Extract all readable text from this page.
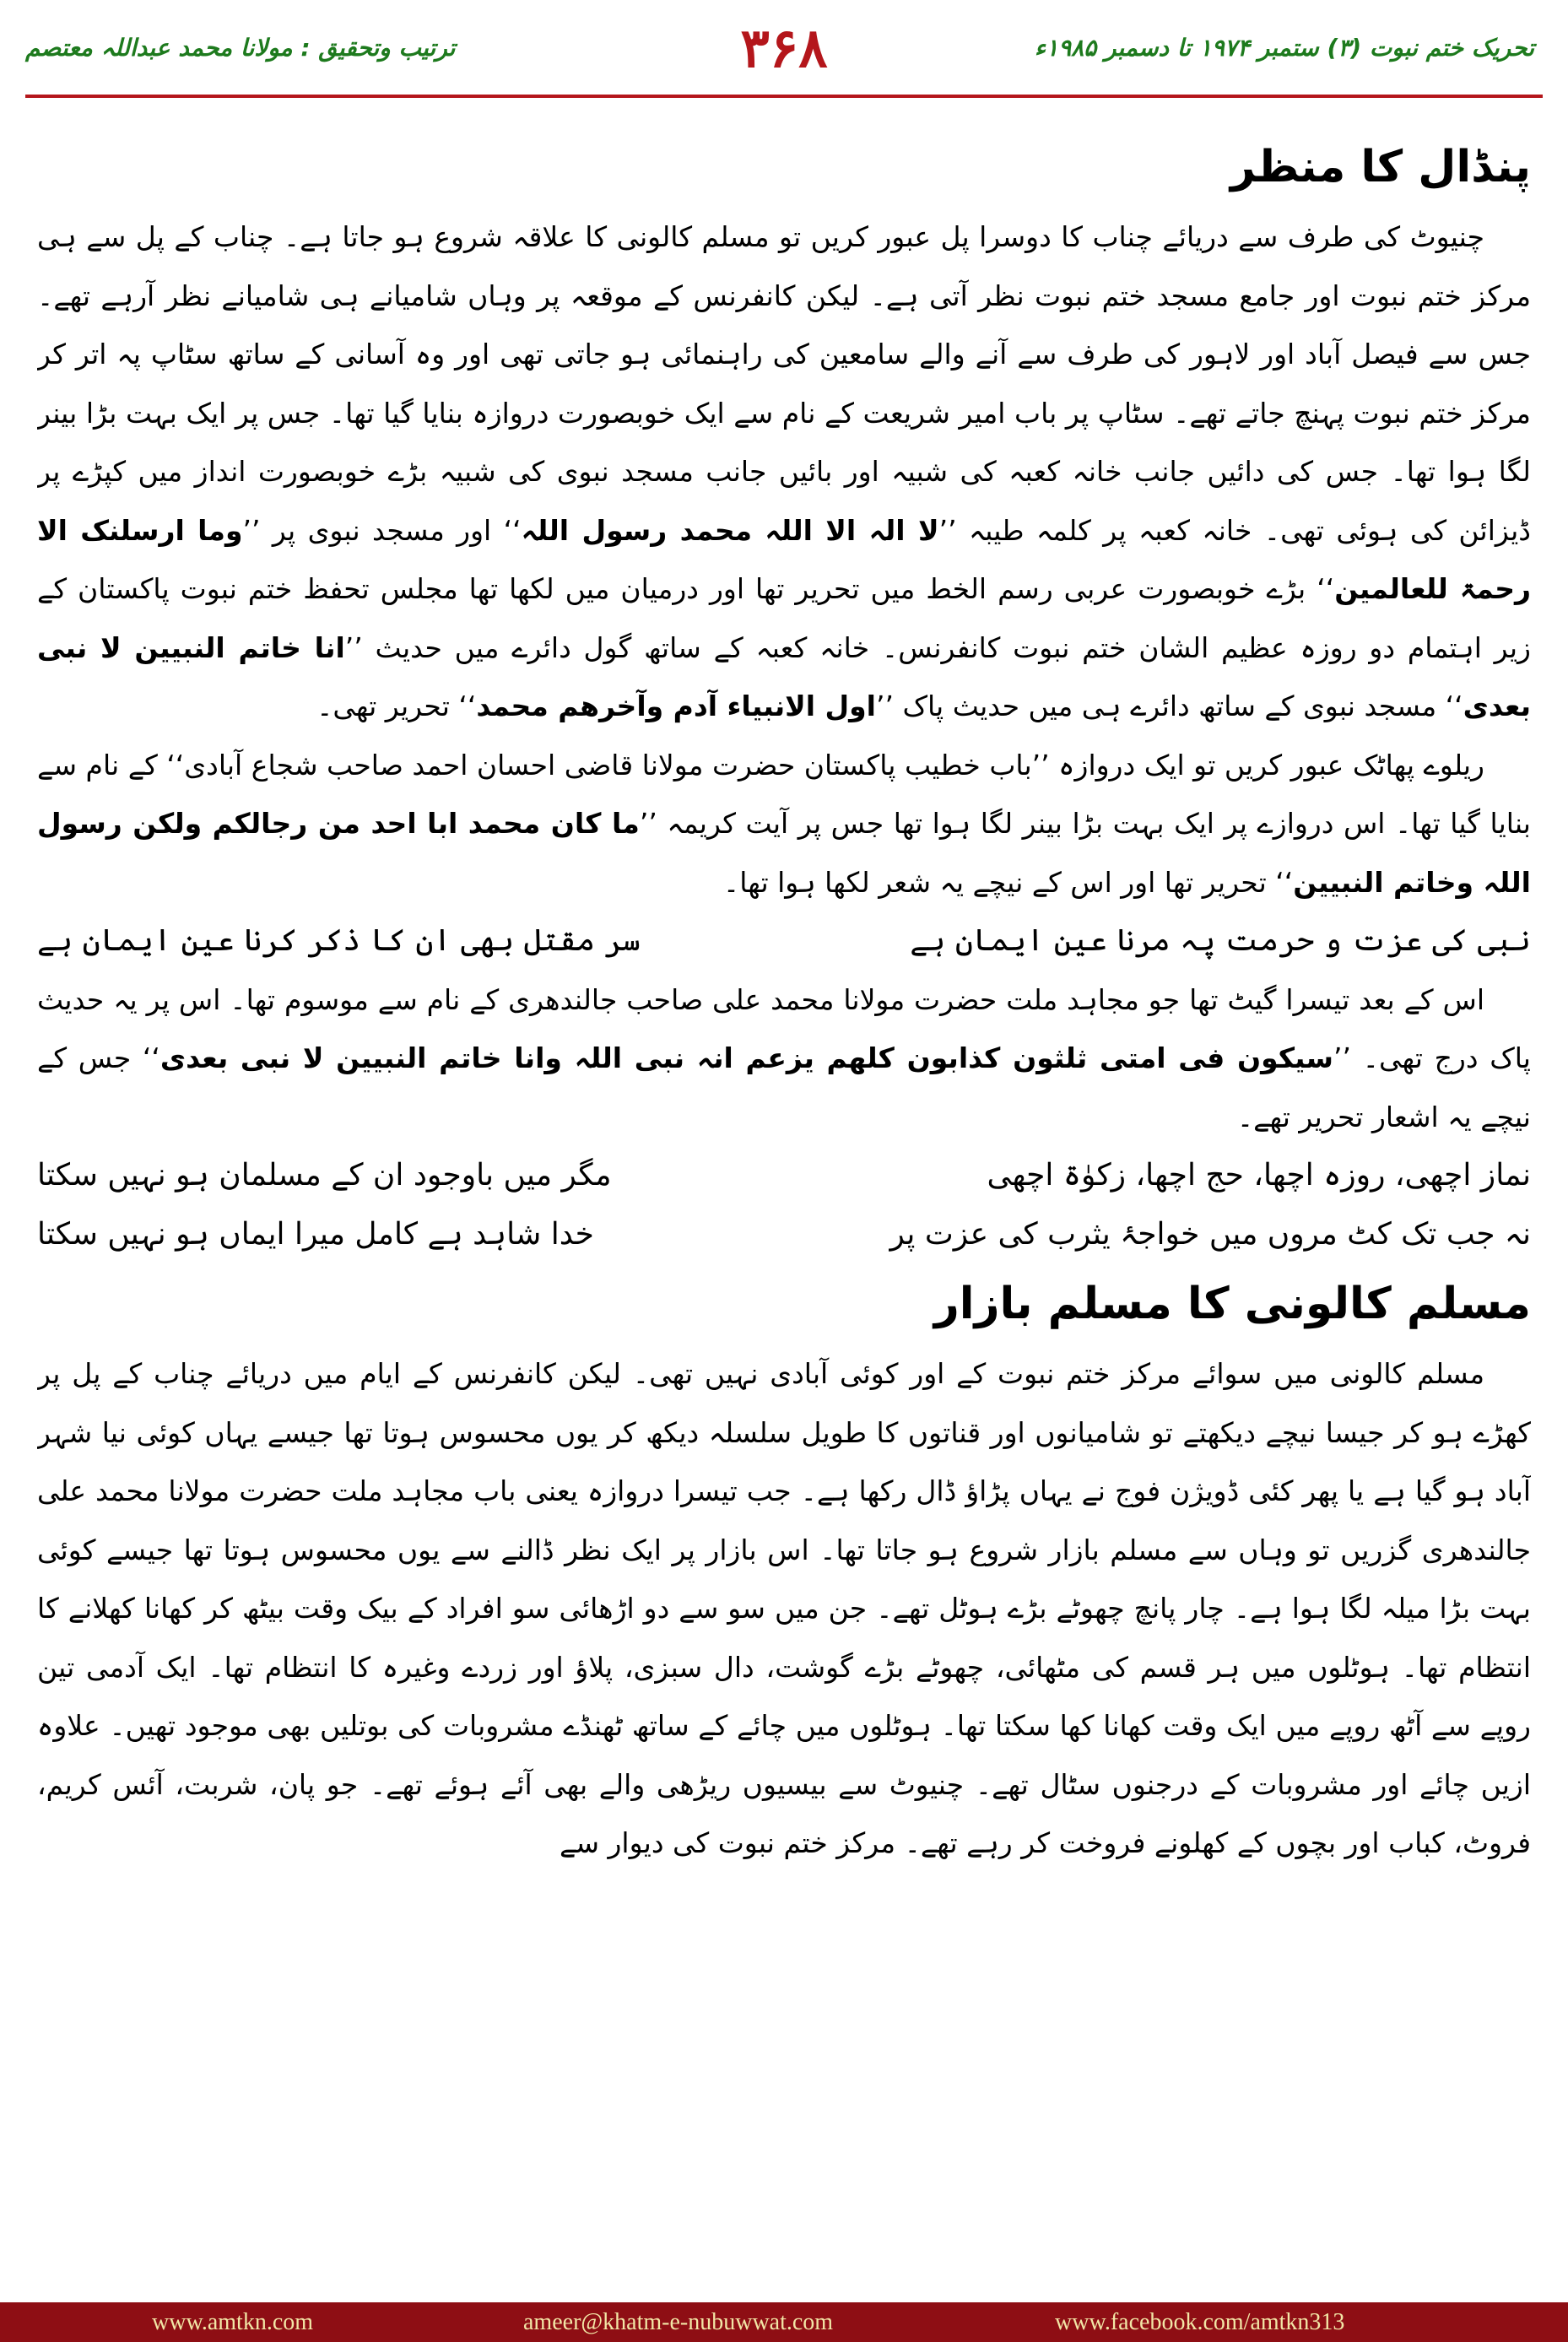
تحریک ختم نبوت (۳) ستمبر ۱۹۷۴ تا دسمبر ۱۹۸۵ء
۳۶۸
ترتیب وتحقیق : مولانا محمد عبداللہ معتصم
پنڈال کا منظر

چنیوٹ کی طرف سے دریائے چناب کا دوسرا پل عبور کریں تو مسلم کالونی کا علاقہ شروع ہو جاتا ہے۔ چناب کے پل سے ہی مرکز ختم نبوت اور جامع مسجد ختم نبوت نظر آتی ہے۔ لیکن کانفرنس کے موقعہ پر وہاں شامیانے ہی شامیانے نظر آرہے تھے۔ جس سے فیصل آباد اور لاہور کی طرف سے آنے والے سامعین کی راہنمائی ہو جاتی تھی اور وہ آسانی کے ساتھ سٹاپ پہ اتر کر مرکز ختم نبوت پہنچ جاتے تھے۔ سٹاپ پر باب امیر شریعت کے نام سے ایک خوبصورت دروازہ بنایا گیا تھا۔ جس پر ایک بہت بڑا بینر لگا ہوا تھا۔ جس کی دائیں جانب خانہ کعبہ کی شبیہ اور بائیں جانب مسجد نبوی کی شبیہ بڑے خوبصورت انداز میں کپڑے پر ڈیزائن کی ہوئی تھی۔ خانہ کعبہ پر کلمہ طیبہ ’’لا الہ الا اللہ محمد رسول اللہ‘‘ اور مسجد نبوی پر ’’وما ارسلنک الا رحمۃ للعالمین‘‘ بڑے خوبصورت عربی رسم الخط میں تحریر تھا اور درمیان میں لکھا تھا مجلس تحفظ ختم نبوت پاکستان کے زیر اہتمام دو روزہ عظیم الشان ختم نبوت کانفرنس۔ خانہ کعبہ کے ساتھ گول دائرے میں حدیث ’’انا خاتم النبیین لا نبی بعدی‘‘ مسجد نبوی کے ساتھ دائرے ہی میں حدیث پاک ’’اول الانبیاء آدم وآخرھم محمد‘‘ تحریر تھی۔

ریلوے پھاٹک عبور کریں تو ایک دروازہ ’’باب خطیب پاکستان حضرت مولانا قاضی احسان احمد صاحب شجاع آبادی‘‘ کے نام سے بنایا گیا تھا۔ اس دروازے پر ایک بہت بڑا بینر لگا ہوا تھا جس پر آیت کریمہ ’’ما کان محمد ابا احد من رجالکم ولکن رسول اللہ وخاتم النبیین‘‘ تحریر تھا اور اس کے نیچے یہ شعر لکھا ہوا تھا۔

نبی کی عزت و حرمت پہ مرنا عین ایمان ہے
سر مقتل بھی ان کا ذکر کرنا عین ایمان ہے

اس کے بعد تیسرا گیٹ تھا جو مجاہد ملت حضرت مولانا محمد علی صاحب جالندھری کے نام سے موسوم تھا۔ اس پر یہ حدیث پاک درج تھی۔ ’’سیکون فی امتی ثلثون کذابون کلھم یزعم انہ نبی اللہ وانا خاتم النبیین لا نبی بعدی‘‘ جس کے نیچے یہ اشعار تحریر تھے۔

نماز اچھی، روزہ اچھا، حج اچھا، زکوٰۃ اچھی
مگر میں باوجود ان کے مسلمان ہو نہیں سکتا
نہ جب تک کٹ مروں میں خواجۂ یثرب کی عزت پر
خدا شاہد ہے کامل میرا ایماں ہو نہیں سکتا
مسلم کالونی کا مسلم بازار

مسلم کالونی میں سوائے مرکز ختم نبوت کے اور کوئی آبادی نہیں تھی۔ لیکن کانفرنس کے ایام میں دریائے چناب کے پل پر کھڑے ہو کر جیسا نیچے دیکھتے تو شامیانوں اور قناتوں کا طویل سلسلہ دیکھ کر یوں محسوس ہوتا تھا جیسے یہاں کوئی نیا شہر آباد ہو گیا ہے یا پھر کئی ڈویژن فوج نے یہاں پڑاؤ ڈال رکھا ہے۔ جب تیسرا دروازہ یعنی باب مجاہد ملت حضرت مولانا محمد علی جالندھری گزریں تو وہاں سے مسلم بازار شروع ہو جاتا تھا۔ اس بازار پر ایک نظر ڈالنے سے یوں محسوس ہوتا تھا جیسے کوئی بہت بڑا میلہ لگا ہوا ہے۔ چار پانچ چھوٹے بڑے ہوٹل تھے۔ جن میں سو سے دو اڑھائی سو افراد کے بیک وقت بیٹھ کر کھانا کھلانے کا انتظام تھا۔ ہوٹلوں میں ہر قسم کی مٹھائی، چھوٹے بڑے گوشت، دال سبزی، پلاؤ اور زردے وغیرہ کا انتظام تھا۔ ایک آدمی تین روپے سے آٹھ روپے میں ایک وقت کھانا کھا سکتا تھا۔ ہوٹلوں میں چائے کے ساتھ ٹھنڈے مشروبات کی بوتلیں بھی موجود تھیں۔ علاوہ ازیں چائے اور مشروبات کے درجنوں سٹال تھے۔ چنیوٹ سے بیسیوں ریڑھی والے بھی آئے ہوئے تھے۔ جو پان، شربت، آئس کریم، فروٹ، کباب اور بچوں کے کھلونے فروخت کر رہے تھے۔ مرکز ختم نبوت کی دیوار سے

www.amtkn.com	ameer@khatm-e-nubuwwat.com	www.facebook.com/amtkn313
